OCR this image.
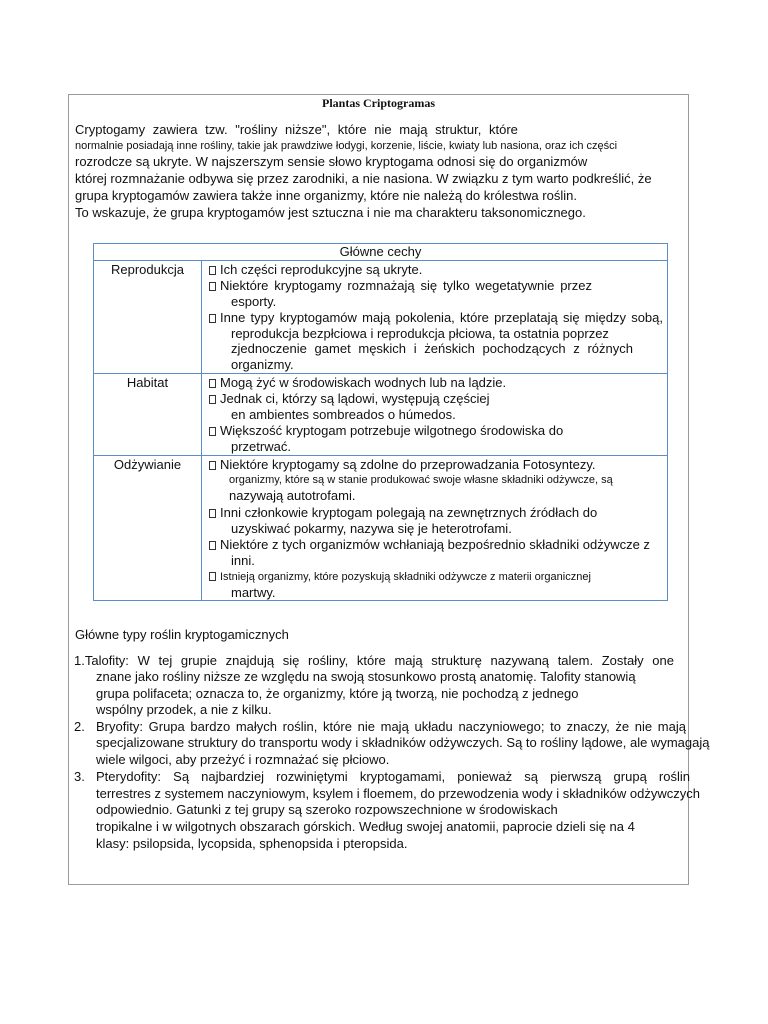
Plantas Criptogramas
Cryptogamy zawiera tzw. "rośliny niższe", które nie mają struktur, które
normalnie posiadają inne rośliny, takie jak prawdziwe łodygi, korzenie, liście, kwiaty lub nasiona, oraz ich części
rozrodcze są ukryte. W najszerszym sensie słowo kryptogama odnosi się do organizmów
której rozmnażanie odbywa się przez zarodniki, a nie nasiona. W związku z tym warto podkreślić, że
grupa kryptogamów zawiera także inne organizmy, które nie należą do królestwa roślin.
To wskazuje, że grupa kryptogamów jest sztuczna i nie ma charakteru taksonomicznego.
Główne cechy
Reprodukcja	Ich części reprodukcyjne są ukryte.
Niektóre kryptogamy rozmnażają się tylko wegetatywnie przez
esporty.
Inne typy kryptogamów mają pokolenia, które przeplatają się między sobą,
reprodukcja bezpłciowa i reprodukcja płciowa, ta ostatnia poprzez
zjednoczenie gamet męskich i żeńskich pochodzących z różnych
organizmy.
Habitat	Mogą żyć w środowiskach wodnych lub na lądzie.
Jednak ci, którzy są lądowi, występują częściej
en ambientes sombreados o húmedos.
Większość kryptogam potrzebuje wilgotnego środowiska do
przetrwać.
Odżywianie	Niektóre kryptogamy są zdolne do przeprowadzania Fotosyntezy.
organizmy, które są w stanie produkować swoje własne składniki odżywcze, są
nazywają autotrofami.
Inni członkowie kryptogam polegają na zewnętrznych źródłach do
uzyskiwać pokarmy, nazywa się je heterotrofami.
Niektóre z tych organizmów wchłaniają bezpośrednio składniki odżywcze z
inni.
Istnieją organizmy, które pozyskują składniki odżywcze z materii organicznej
martwy.
Główne typy roślin kryptogamicznych
1.Talofity: W tej grupie znajdują się rośliny, które mają strukturę nazywaną talem. Zostały one
znane jako rośliny niższe ze względu na swoją stosunkowo prostą anatomię. Talofity stanowią
grupa polifaceta; oznacza to, że organizmy, które ją tworzą, nie pochodzą z jednego
wspólny przodek, a nie z kilku.
2. Bryofity: Grupa bardzo małych roślin, które nie mają układu naczyniowego; to znaczy, że nie mają
specjalizowane struktury do transportu wody i składników odżywczych. Są to rośliny lądowe, ale wymagają
wiele wilgoci, aby przeżyć i rozmnażać się płciowo.
3. Pterydofity: Są najbardziej rozwiniętymi kryptogamami, ponieważ są pierwszą grupą roślin
terrestres z systemem naczyniowym, ksylem i floemem, do przewodzenia wody i składników odżywczych
odpowiednio. Gatunki z tej grupy są szeroko rozpowszechnione w środowiskach
tropikalne i w wilgotnych obszarach górskich. Według swojej anatomii, paprocie dzieli się na 4
klasy: psilopsida, lycopsida, sphenopsida i pteropsida.
